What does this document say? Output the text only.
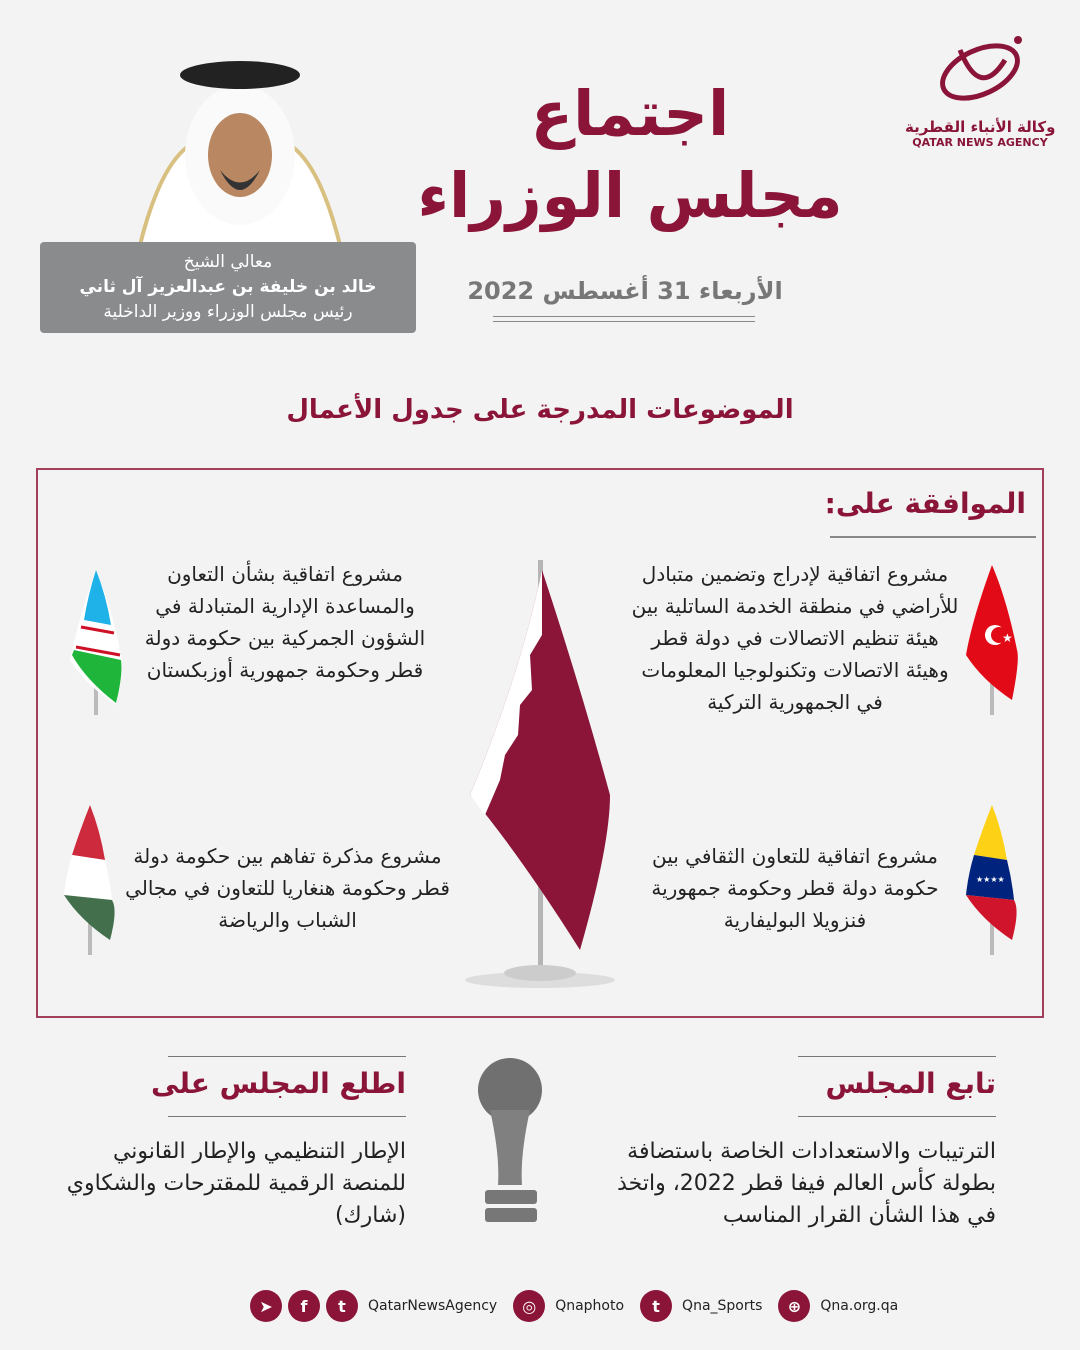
وكالة الأنباء القطرية
QATAR NEWS AGENCY
اجتماع
مجلس الوزراء
الأربعاء 31 أغسطس 2022
معالي الشيخ
خالد بن خليفة بن عبدالعزيز آل ثاني
رئيس مجلس الوزراء ووزير الداخلية
الموضوعات المدرجة على جدول الأعمال
الموافقة على:
★
مشروع اتفاقية لإدراج وتضمين متبادل للأراضي في منطقة الخدمة الساتلية بين هيئة تنظيم الاتصالات في دولة قطر وهيئة الاتصالات وتكنولوجيا المعلومات في الجمهورية التركية
مشروع اتفاقية بشأن التعاون والمساعدة الإدارية المتبادلة في الشؤون الجمركية بين حكومة دولة قطر وحكومة جمهورية أوزبكستان
★★★★
مشروع اتفاقية للتعاون الثقافي بين حكومة دولة قطر وحكومة جمهورية فنزويلا البوليفارية
مشروع مذكرة تفاهم بين حكومة دولة قطر وحكومة هنغاريا للتعاون في مجالي الشباب والرياضة
تابع المجلس
الترتيبات والاستعدادات الخاصة باستضافة بطولة كأس العالم فيفا قطر 2022، واتخذ في هذا الشأن القرار المناسب
اطلع المجلس على
الإطار التنظيمي والإطار القانوني للمنصة الرقمية للمقترحات والشكاوي (شارك)
➤	f	t	QatarNewsAgency	◎	Qnaphoto	t	Qna_Sports	⊕	Qna.org.qa
